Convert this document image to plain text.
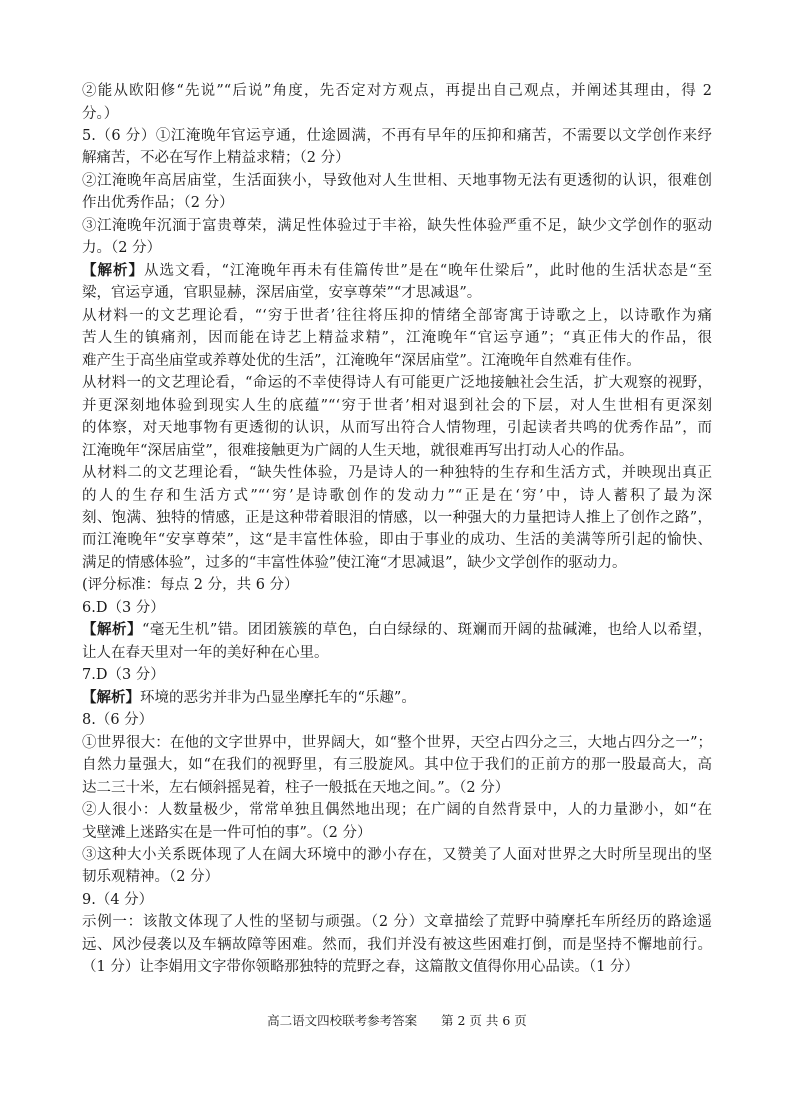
②能从欧阳修“先说”“后说”角度，先否定对方观点，再提出自己观点，并阐述其理由，得 2
分。）
5.（6 分）①江淹晚年官运亨通，仕途圆满，不再有早年的压抑和痛苦，不需要以文学创作来纾
解痛苦，不必在写作上精益求精；（2 分）
②江淹晚年高居庙堂，生活面狭小，导致他对人生世相、天地事物无法有更透彻的认识，很难创
作出优秀作品；（2 分）
③江淹晚年沉湎于富贵尊荣，满足性体验过于丰裕，缺失性体验严重不足，缺少文学创作的驱动
力。（2 分）
【解析】从选文看，“江淹晚年再未有佳篇传世”是在“晚年仕梁后”，此时他的生活状态是“至
梁，官运亨通，官职显赫，深居庙堂，安享尊荣”“才思减退”。
从材料一的文艺理论看，“‘穷于世者’往往将压抑的情绪全部寄寓于诗歌之上，以诗歌作为痛
苦人生的镇痛剂，因而能在诗艺上精益求精”，江淹晚年“官运亨通”；“真正伟大的作品，很
难产生于高坐庙堂或养尊处优的生活”，江淹晚年“深居庙堂”。江淹晚年自然难有佳作。
从材料一的文艺理论看，“命运的不幸使得诗人有可能更广泛地接触社会生活，扩大观察的视野，
并更深刻地体验到现实人生的底蕴”“‘穷于世者’相对退到社会的下层，对人生世相有更深刻
的体察，对天地事物有更透彻的认识，从而写出符合人情物理，引起读者共鸣的优秀作品”，而
江淹晚年“深居庙堂”，很难接触更为广阔的人生天地，就很难再写出打动人心的作品。
从材料二的文艺理论看，“缺失性体验，乃是诗人的一种独特的生存和生活方式，并映现出真正
的人的生存和生活方式”“‘穷’是诗歌创作的发动力”“正是在‘穷’中，诗人蓄积了最为深
刻、饱满、独特的情感，正是这种带着眼泪的情感，以一种强大的力量把诗人推上了创作之路”，
而江淹晚年“安享尊荣”，这“是丰富性体验，即由于事业的成功、生活的美满等所引起的愉快、
满足的情感体验”，过多的“丰富性体验”使江淹“才思减退”，缺少文学创作的驱动力。
(评分标准：每点 2 分，共 6 分）
6.D（3 分）
【解析】“毫无生机”错。团团簇簇的草色，白白绿绿的、斑斓而开阔的盐碱滩，也给人以希望，
让人在春天里对一年的美好种在心里。
7.D（3 分）
【解析】环境的恶劣并非为凸显坐摩托车的“乐趣”。
8.（6 分）
①世界很大：在他的文字世界中，世界阔大，如“整个世界，天空占四分之三，大地占四分之一”；
自然力量强大，如“在我们的视野里，有三股旋风。其中位于我们的正前方的那一股最高大，高
达二三十米，左右倾斜摇晃着，柱子一般抵在天地之间。”。（2 分）
②人很小：人数量极少，常常单独且偶然地出现；在广阔的自然背景中，人的力量渺小，如“在
戈壁滩上迷路实在是一件可怕的事”。（2 分）
③这种大小关系既体现了人在阔大环境中的渺小存在，又赞美了人面对世界之大时所呈现出的坚
韧乐观精神。（2 分）
9.（4 分）
示例一：该散文体现了人性的坚韧与顽强。（2 分）文章描绘了荒野中骑摩托车所经历的路途遥
远、风沙侵袭以及车辆故障等困难。然而，我们并没有被这些困难打倒，而是坚持不懈地前行。
（1 分）让李娟用文字带你领略那独特的荒野之春，这篇散文值得你用心品读。（1 分）
高二语文四校联考参考答案 第 2 页 共 6 页
